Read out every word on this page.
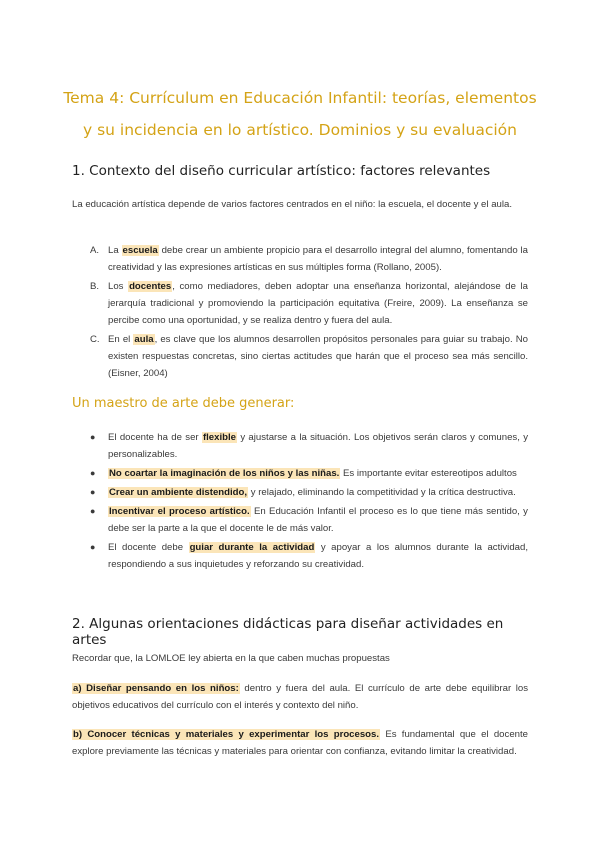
Tema 4: Currículum en Educación Infantil: teorías, elementos y su incidencia en lo artístico. Dominios y su evaluación
1. Contexto del diseño curricular artístico: factores relevantes

La educación artística depende de varios factores centrados en el niño: la escuela, el docente y el aula.

A. La escuela debe crear un ambiente propicio para el desarrollo integral del alumno, fomentando la creatividad y las expresiones artísticas en sus múltiples forma (Rollano, 2005).
B. Los docentes, como mediadores, deben adoptar una enseñanza horizontal, alejándose de la jerarquía tradicional y promoviendo la participación equitativa (Freire, 2009). La enseñanza se percibe como una oportunidad, y se realiza dentro y fuera del aula.
C. En el aula, es clave que los alumnos desarrollen propósitos personales para guiar su trabajo. No existen respuestas concretas, sino ciertas actitudes que harán que el proceso sea más sencillo. (Eisner, 2004)
Un maestro de arte debe generar:
● El docente ha de ser flexible y ajustarse a la situación. Los objetivos serán claros y comunes, y personalizables.
● No coartar la imaginación de los niños y las niñas. Es importante evitar estereotipos adultos
● Crear un ambiente distendido, y relajado, eliminando la competitividad y la crítica destructiva.
● Incentivar el proceso artístico. En Educación Infantil el proceso es lo que tiene más sentido, y debe ser la parte a la que el docente le de más valor.
● El docente debe guiar durante la actividad y apoyar a los alumnos durante la actividad, respondiendo a sus inquietudes y reforzando su creatividad.
2. Algunas orientaciones didácticas para diseñar actividades en artes

Recordar que, la LOMLOE ley abierta en la que caben muchas propuestas

a) Diseñar pensando en los niños: dentro y fuera del aula. El currículo de arte debe equilibrar los objetivos educativos del currículo con el interés y contexto del niño.

b) Conocer técnicas y materiales y experimentar los procesos. Es fundamental que el docente explore previamente las técnicas y materiales para orientar con confianza, evitando limitar la creatividad.
